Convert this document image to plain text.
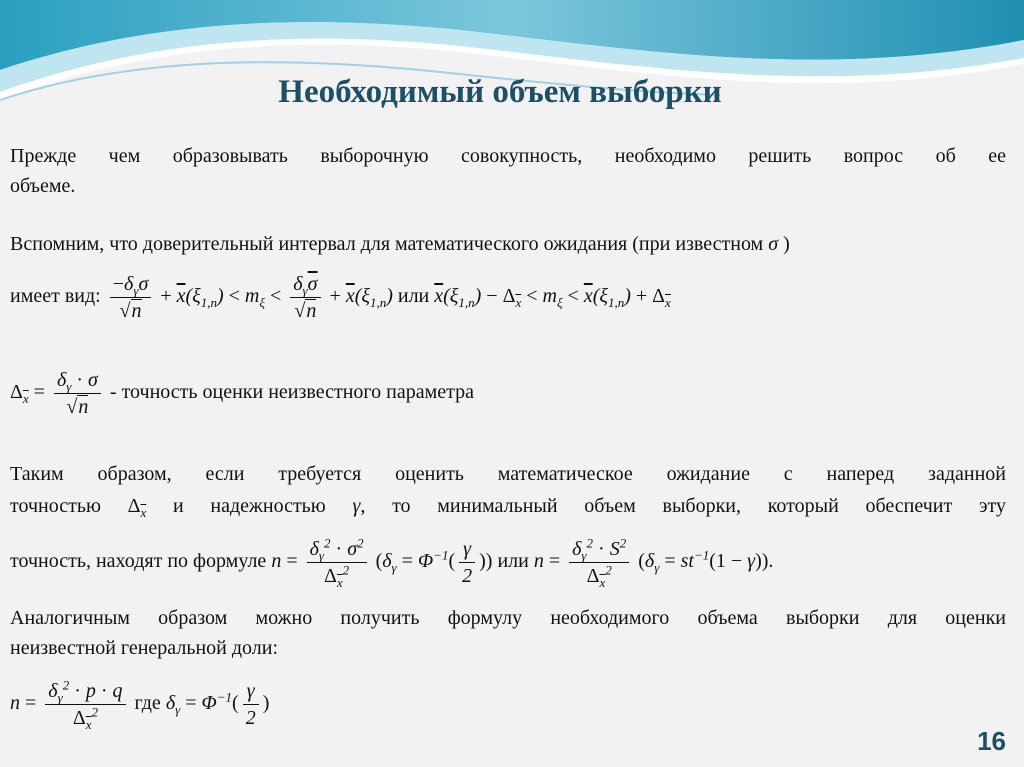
Необходимый объем выборки
Прежде чем образовывать выборочную совокупность, необходимо решить вопрос об ее
объеме.
Вспомним, что доверительный интервал для математического ожидания (при известном σ )
имеет вид: $\frac{-\delta_\gamma\sigma}{√n} + \overline{x}(\xi_{1,n}) < m_\xi < \frac{\delta_\gamma\overline{\sigma}}{√n} + \overline{x}(\xi_{1,n})$ или $\overline{x}(\xi_{1,n}) - \Delta_{\overline{x}} < m_\xi < \overline{x}(\xi_{1,n}) + \Delta_{\overline{x}}$
$\Delta_{\overline{x}} = \frac{\delta_\gamma \cdot \sigma}{√n}$ - точность оценки неизвестного параметра
Таким образом, если требуется оценить математическое ожидание с наперед заданной
точностью $\Delta_{\overline{x}}$ и надежностью γ, то минимальный объем выборки, который обеспечит эту
точность, находят по формуле $n = \frac{\delta_\gamma^2 \cdot \sigma^2}{\Delta_{\overline{x}}^2} (\delta_\gamma = \Phi^{-1}( \frac{\gamma}{2}$ )) или $n = \frac{\delta_\gamma^2 \cdot S^2}{\Delta_{\overline{x}}^2} (\delta_\gamma = st^{-1}(1 - \gamma))$.
Аналогичным образом можно получить формулу необходимого объема выборки для оценки
неизвестной генеральной доли:
$n = \frac{\delta_\gamma^2 \cdot p \cdot q}{\Delta_{\overline{x}}^2}$ где $\delta_\gamma = \Phi^{-1}( \frac{\gamma}{2}$ )
16
